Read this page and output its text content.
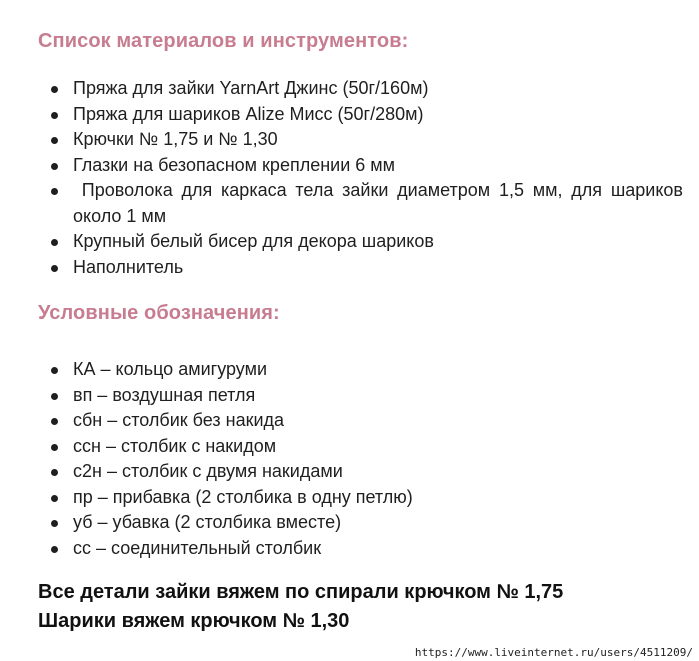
Список материалов и инструментов:
Пряжа для зайки YarnArt Джинс (50г/160м)
Пряжа для шариков Alize Мисс (50г/280м)
Крючки № 1,75 и № 1,30
Глазки на безопасном креплении 6 мм
Проволока для каркаса тела зайки диаметром 1,5 мм, для шариков около 1 мм
Крупный белый бисер для декора шариков
Наполнитель
Условные обозначения:
КА – кольцо амигуруми
вп – воздушная петля
сбн – столбик без накида
ссн – столбик с накидом
с2н – столбик с двумя накидами
пр – прибавка (2 столбика в одну петлю)
уб – убавка (2 столбика вместе)
сс – соединительный столбик

Все детали зайки вяжем по спирали крючком № 1,75

Шарики вяжем крючком № 1,30

https://www.liveinternet.ru/users/4511209/
